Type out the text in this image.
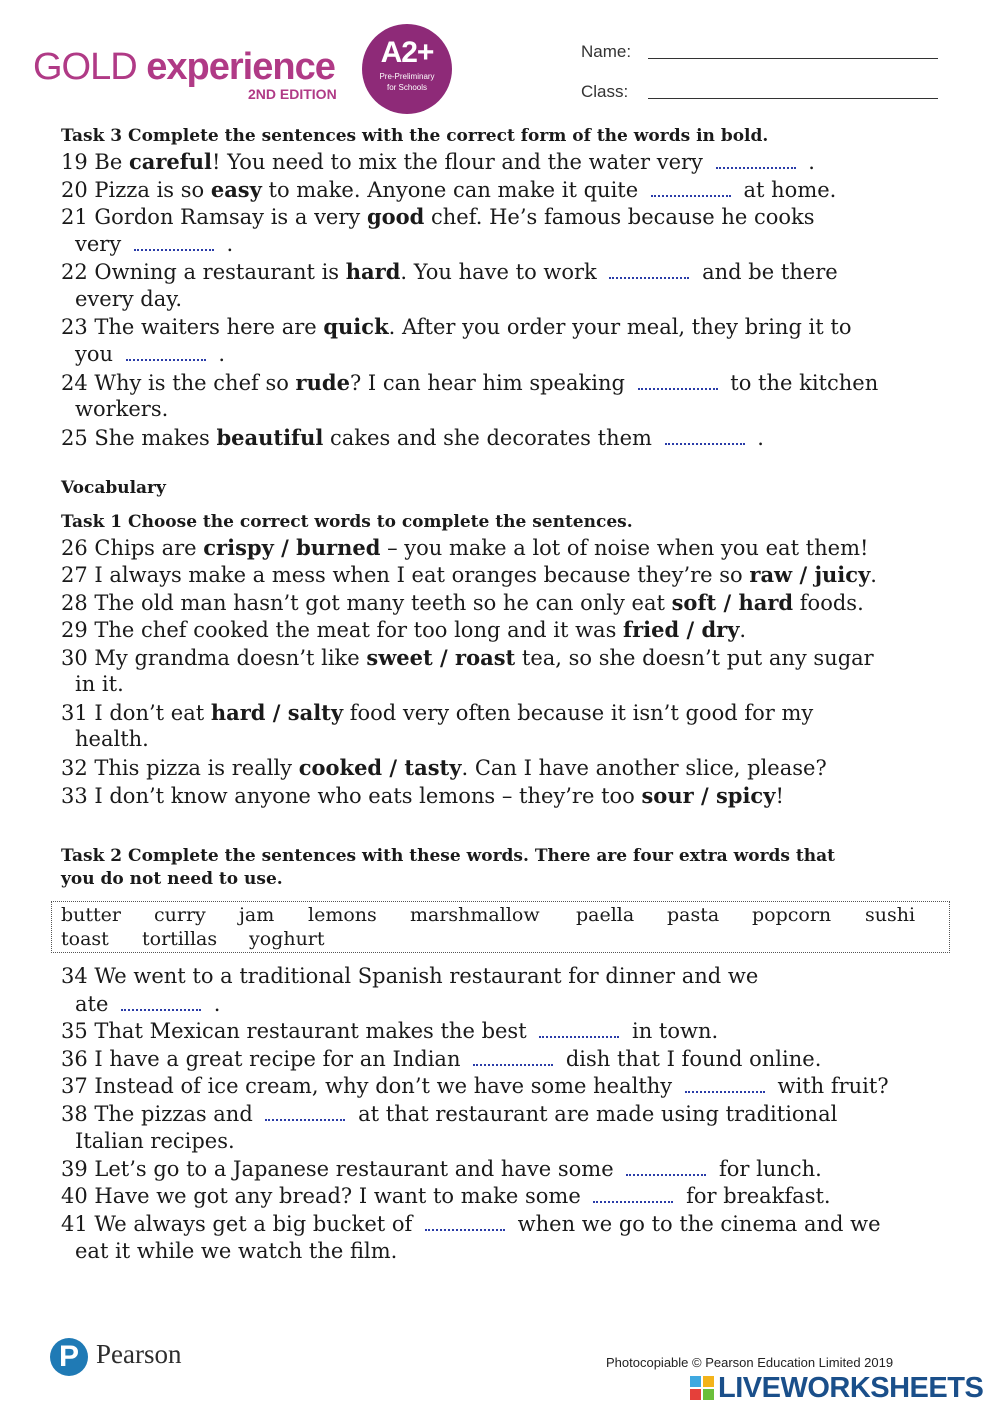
GOLD experience
2ND EDITION
A2+
Pre-Preliminary
for Schools
Name:
Class:
Task 3 Complete the sentences with the correct form of the words in bold.
19 Be careful! You need to mix the flour and the water very	.
20 Pizza is so easy to make. Anyone can make it quite	at home.
21 Gordon Ramsay is a very good chef. He’s famous because he cooks
very	.
22 Owning a restaurant is hard. You have to work	and be there
every day.
23 The waiters here are quick. After you order your meal, they bring it to
you	.
24 Why is the chef so rude? I can hear him speaking	to the kitchen
workers.
25 She makes beautiful cakes and she decorates them	.
Vocabulary
Task 1 Choose the correct words to complete the sentences.
26 Chips are crispy / burned – you make a lot of noise when you eat them!
27 I always make a mess when I eat oranges because they’re so raw / juicy.
28 The old man hasn’t got many teeth so he can only eat soft / hard foods.
29 The chef cooked the meat for too long and it was fried / dry.
30 My grandma doesn’t like sweet / roast tea, so she doesn’t put any sugar
in it.
31 I don’t eat hard / salty food very often because it isn’t good for my
health.
32 This pizza is really cooked / tasty. Can I have another slice, please?
33 I don’t know anyone who eats lemons – they’re too sour / spicy!
Task 2 Complete the sentences with these words. There are four extra words that
you do not need to use.
butter curry jam lemons marshmallow paella pasta popcorn sushi
toast tortillas yoghurt
34 We went to a traditional Spanish restaurant for dinner and we
ate	.
35 That Mexican restaurant makes the best	in town.
36 I have a great recipe for an Indian	dish that I found online.
37 Instead of ice cream, why don’t we have some healthy	with fruit?
38 The pizzas and	at that restaurant are made using traditional
Italian recipes.
39 Let’s go to a Japanese restaurant and have some	for lunch.
40 Have we got any bread? I want to make some	for breakfast.
41 We always get a big bucket of	when we go to the cinema and we
eat it while we watch the film.
P Pearson	Photocopiable © Pearson Education Limited 2019
LIVEWORKSHEETS
